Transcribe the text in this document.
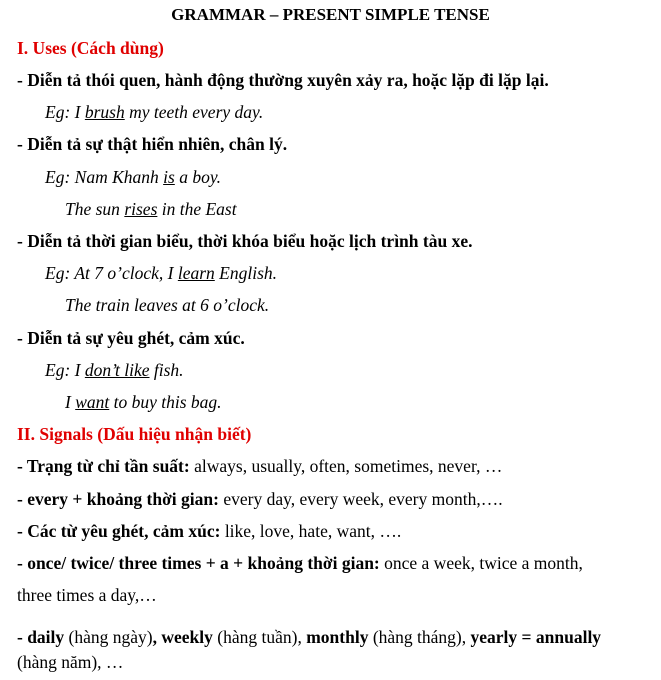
GRAMMAR – PRESENT SIMPLE TENSE
I. Uses (Cách dùng)
- Diễn tả thói quen, hành động thường xuyên xảy ra, hoặc lặp đi lặp lại.
Eg: I brush my teeth every day.
- Diễn tả sự thật hiển nhiên, chân lý.
Eg: Nam Khanh is a boy.
The sun rises in the East
- Diễn tả thời gian biểu, thời khóa biểu hoặc lịch trình tàu xe.
Eg: At 7 o’clock, I learn English.
The train leaves at 6 o’clock.
- Diễn tả sự yêu ghét, cảm xúc.
Eg: I don’t like fish.
I want to buy this bag.
II. Signals (Dấu hiệu nhận biết)
- Trạng từ chỉ tần suất: always, usually, often, sometimes, never, …
- every + khoảng thời gian: every day, every week, every month,….
- Các từ yêu ghét, cảm xúc: like, love, hate, want, ….
- once/ twice/ three times + a + khoảng thời gian: once a week, twice a month,
three times a day,…
- daily (hàng ngày), weekly (hàng tuần), monthly (hàng tháng), yearly = annually
(hàng năm), …
